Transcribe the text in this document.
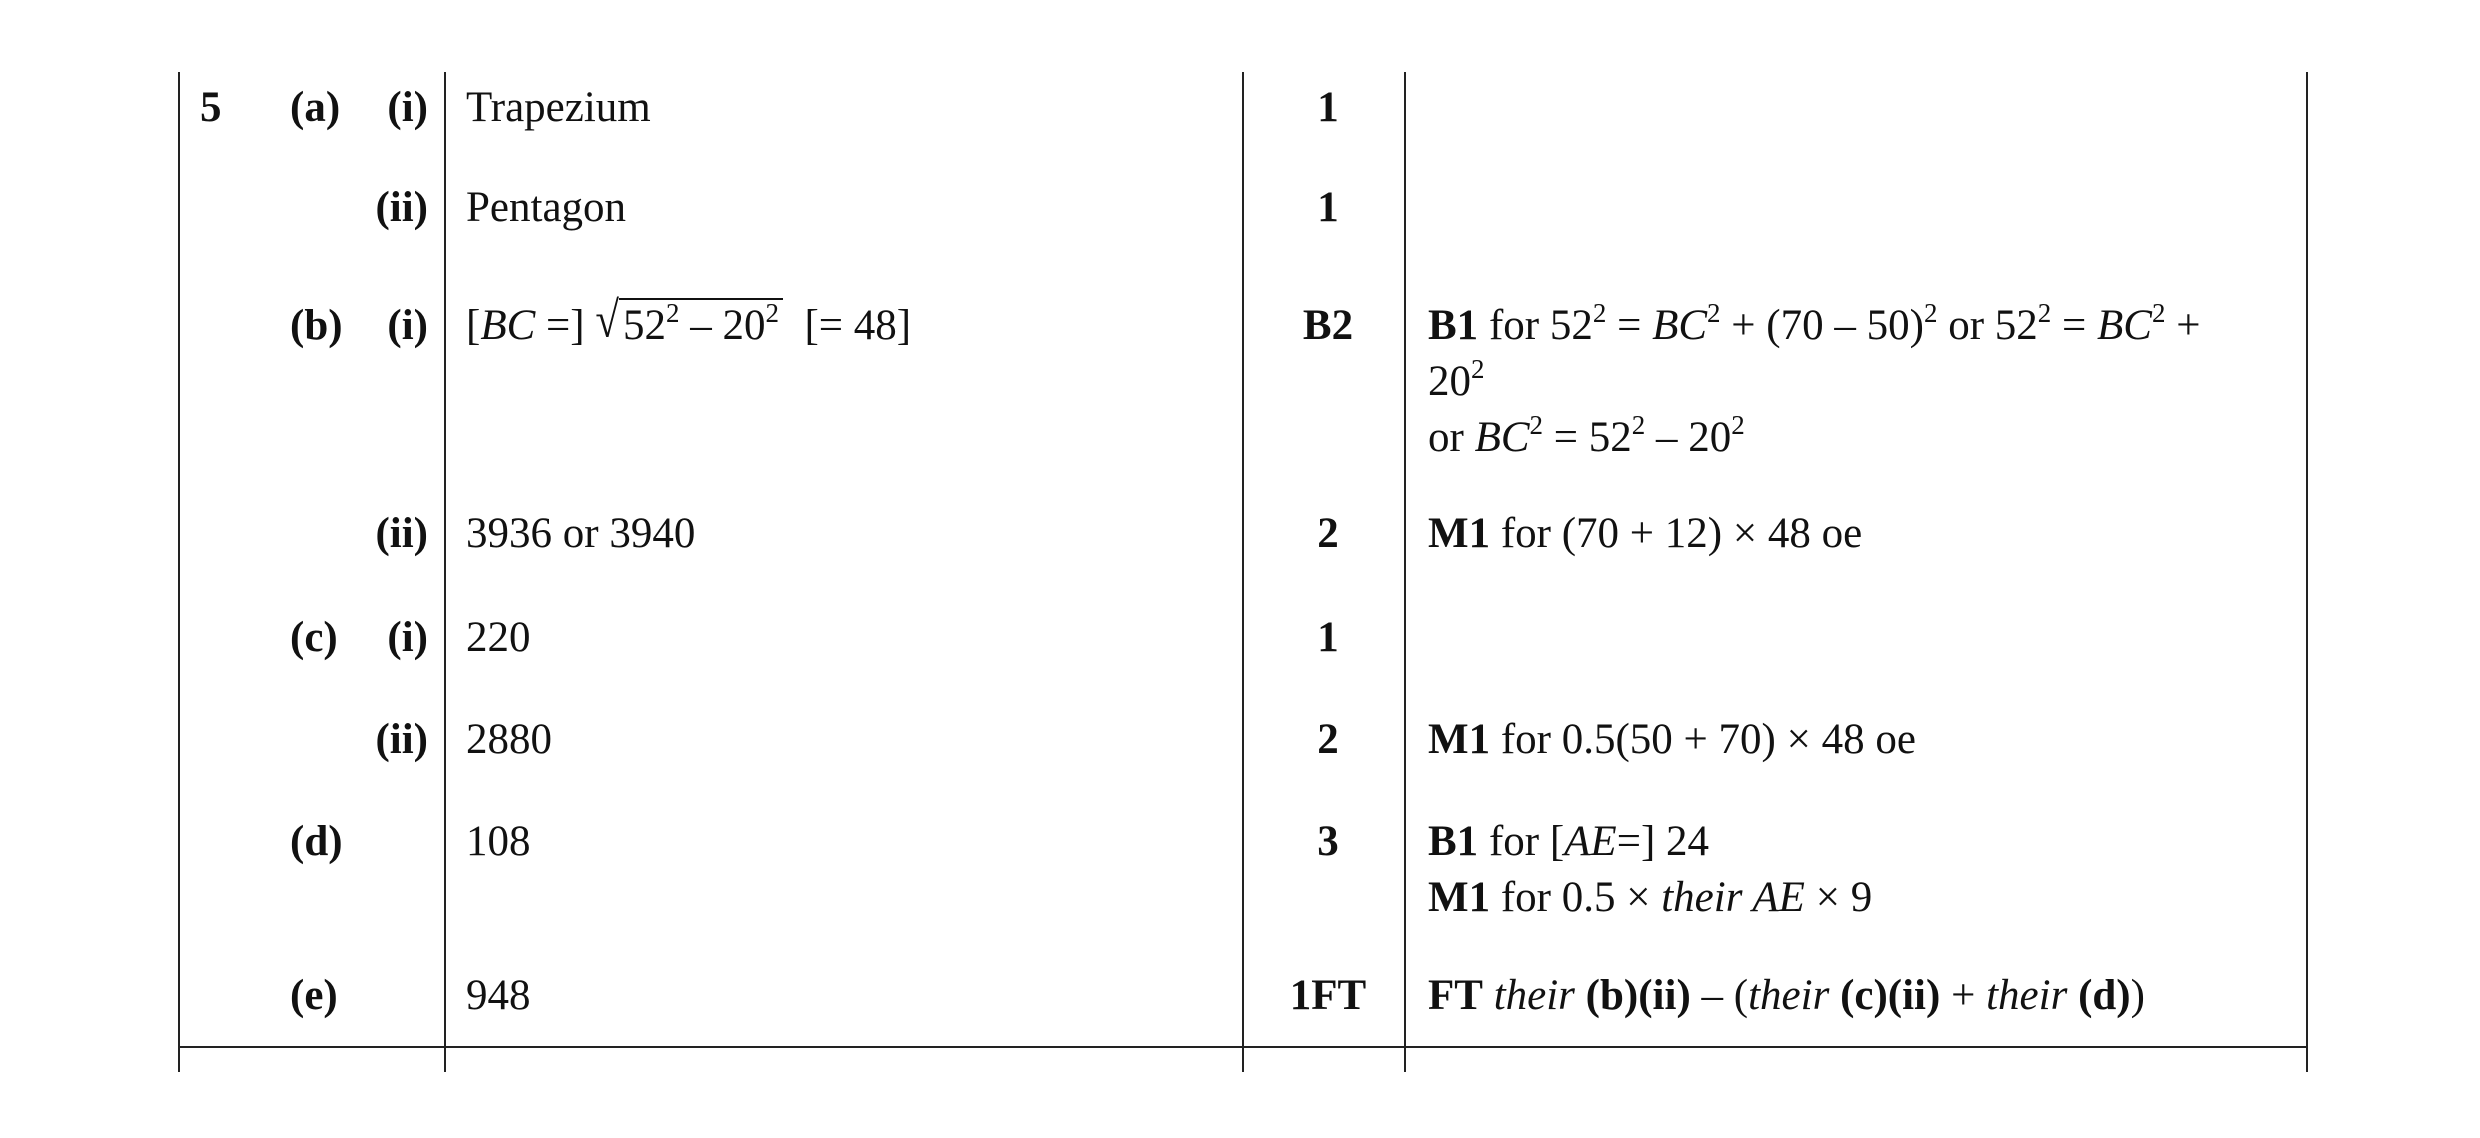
5 (a)	(i) Trapezium	1
(ii) Pentagon	1
(b)	(i) [BC =] $√52^2 - 20^2$ [= 48]	B2	B1 for $52^2 = BC^2 + (70 - 50)^2$ or $52^2 = BC^2$ +
$20^2$
or $BC^2 = 52^2 - 20^2$
(ii) 3936 or 3940	2	M1 for (70 + 12) × 48 oe
(c)	(i) 220	1
(ii) 2880	2	M1 for 0.5(50 + 70) × 48 oe
(d)	108	3	B1 for [AE=] 24
M1 for 0.5 × their AE × 9
(e)	948	1FT	FT their (b)(ii) – (their (c)(ii) + their (d))
